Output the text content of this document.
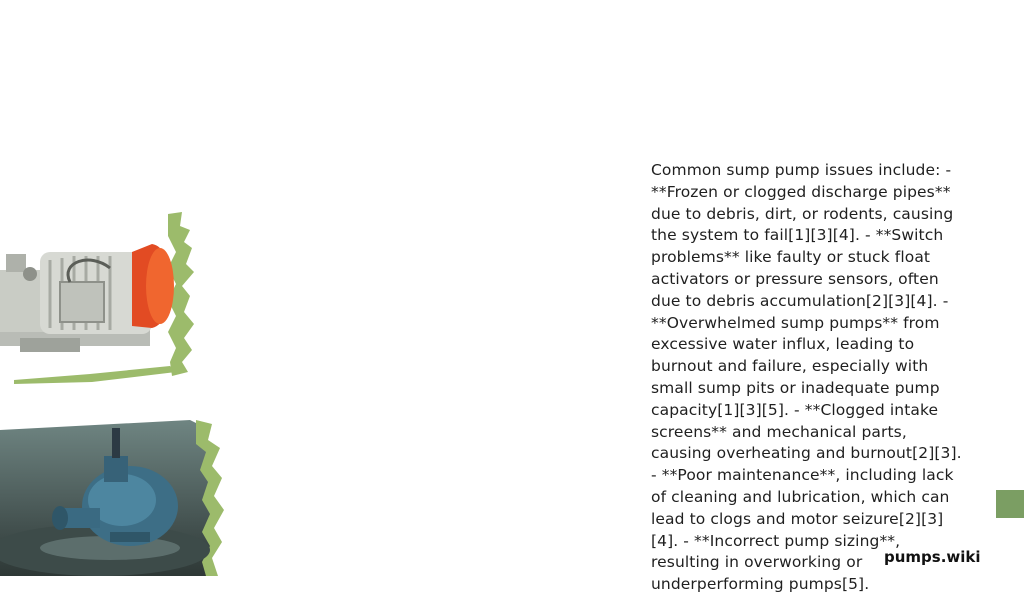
Common sump pump issues include: - **Frozen or clogged discharge pipes** due to debris, dirt, or rodents, causing the system to fail[1][3][4]. - **Switch problems** like faulty or stuck float activators or pressure sensors, often due to debris accumulation[2][3][4]. - **Overwhelmed sump pumps** from excessive water influx, leading to burnout and failure, especially with small sump pits or inadequate pump capacity[1][3][5]. - **Clogged intake screens** and mechanical parts, causing overheating and burnout[2][3]. - **Poor maintenance**, including lack of cleaning and lubrication, which can lead to clogs and motor seizure[2][3][4]. - **Incorrect pump sizing**, resulting in overworking or underperforming pumps[5].
pumps.wiki
